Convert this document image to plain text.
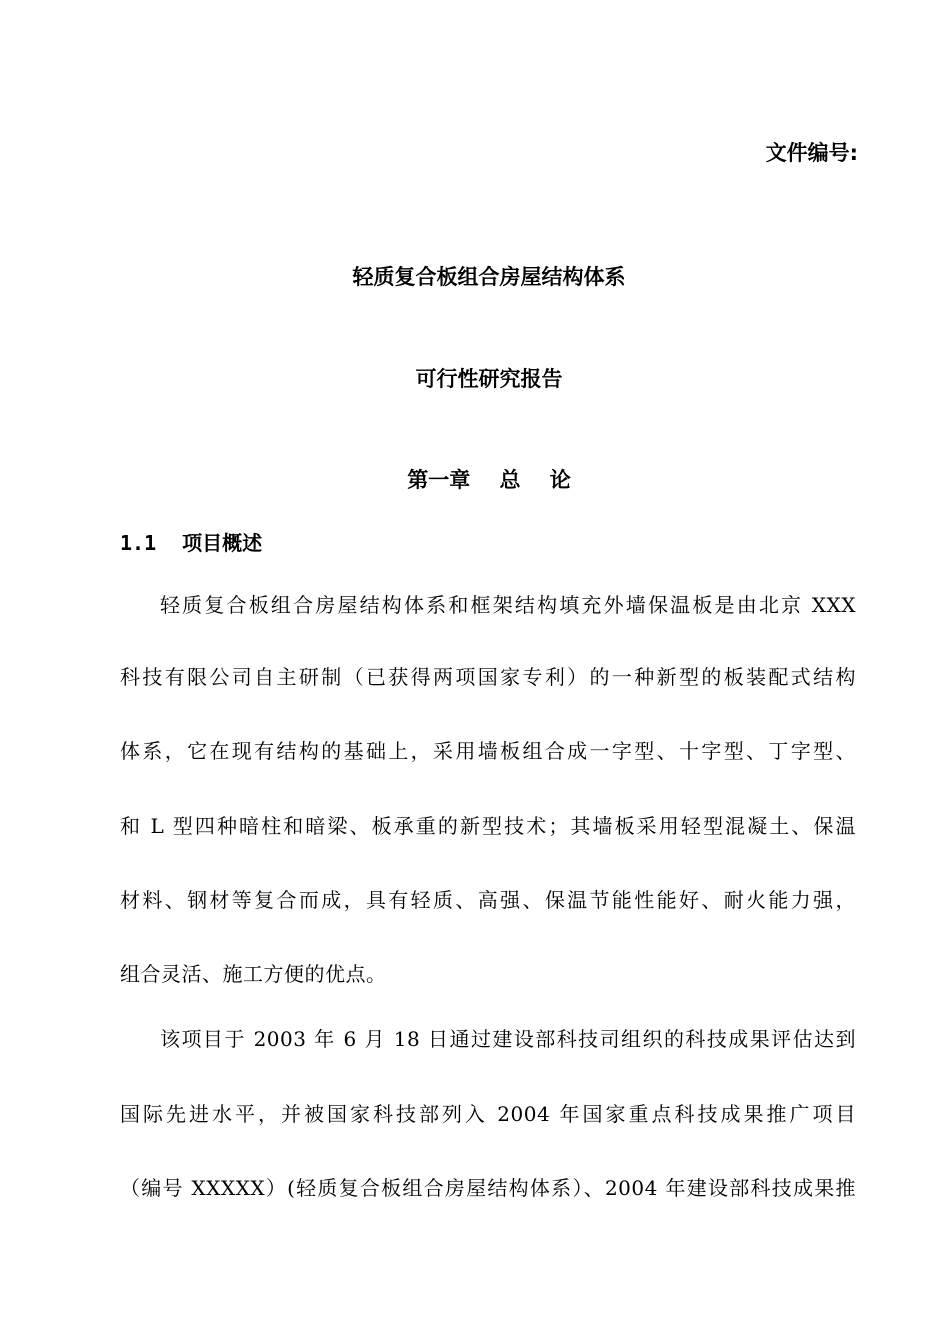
文件编号:
轻质复合板组合房屋结构体系
可行性研究报告
第一章    总    论
1.1 项目概述
轻质复合板组合房屋结构体系和框架结构填充外墙保温板是由北京 XXX
科技有限公司自主研制（已获得两项国家专利）的一种新型的板装配式结构
体系，它在现有结构的基础上，采用墙板组合成一字型、十字型、丁字型、
和 L 型四种暗柱和暗梁、板承重的新型技术；其墙板采用轻型混凝土、保温
材料、钢材等复合而成，具有轻质、高强、保温节能性能好、耐火能力强，
组合灵活、施工方便的优点。
该项目于 2003 年 6 月 18 日通过建设部科技司组织的科技成果评估达到
国际先进水平，并被国家科技部列入 2004 年国家重点科技成果推广项目
（编号 XXXXX）(轻质复合板组合房屋结构体系）、2004 年建设部科技成果推
